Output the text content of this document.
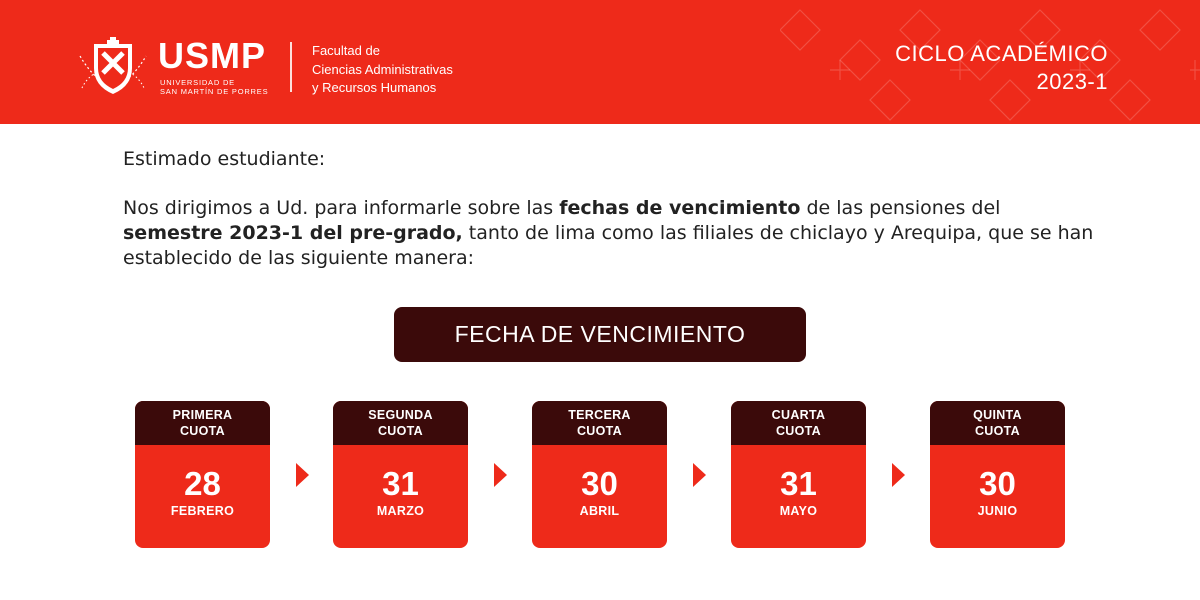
USMP
UNIVERSIDAD DE
SAN MARTÍN DE PORRES
Facultad de
Ciencias Administrativas
y Recursos Humanos
CICLO ACADÉMICO
2023-1

Estimado estudiante:

Nos dirigimos a Ud. para informarle sobre las fechas de vencimiento de las pensiones del semestre 2023-1 del pre-grado, tanto de lima como las filiales de chiclayo y Arequipa, que se han establecido de las siguiente manera:

FECHA DE VENCIMIENTO
PRIMERA
CUOTA
28
FEBRERO
SEGUNDA
CUOTA
31
MARZO
TERCERA
CUOTA
30
ABRIL
CUARTA
CUOTA
31
MAYO
QUINTA
CUOTA
30
JUNIO
